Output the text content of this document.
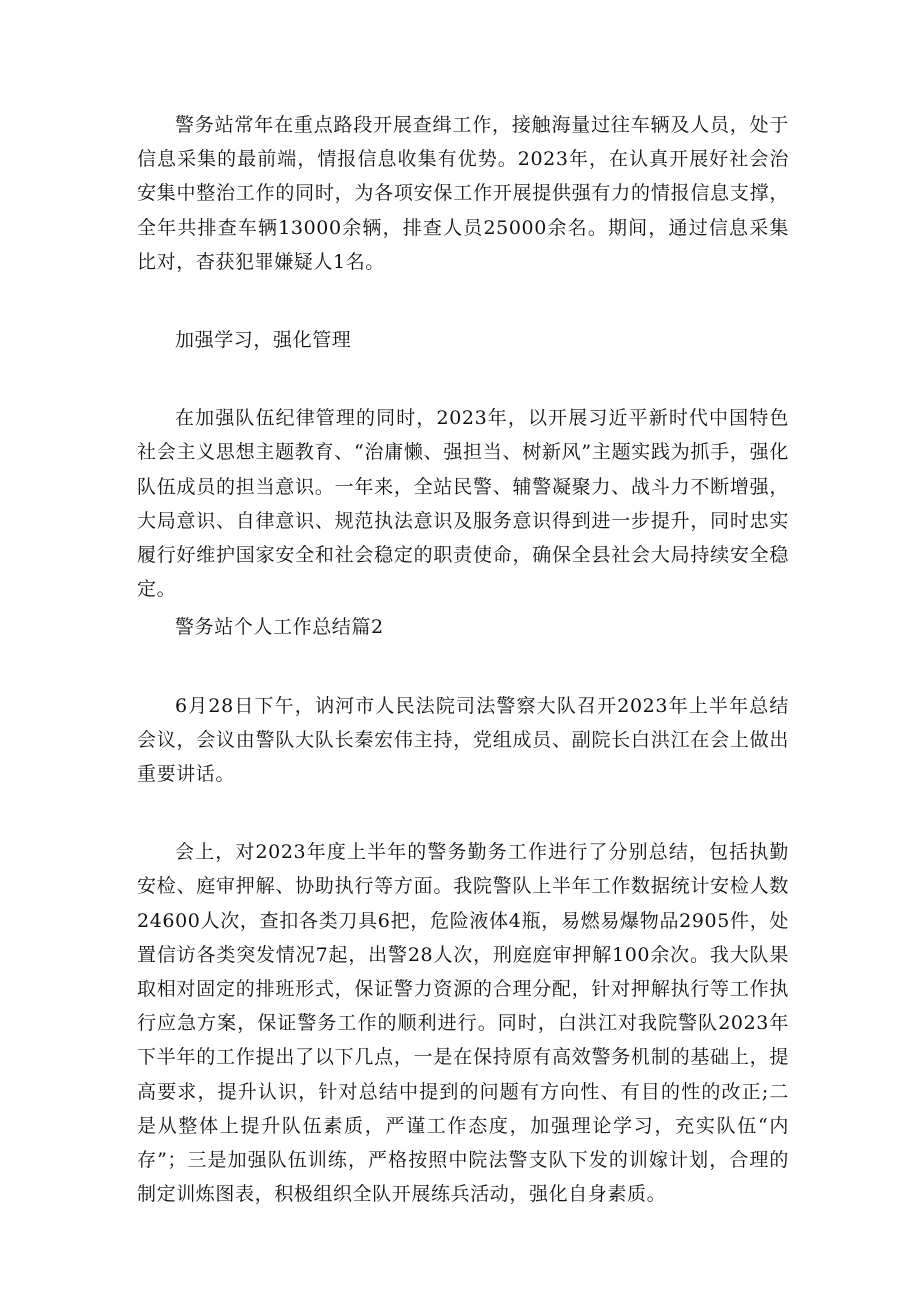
警务站常年在重点路段开展查缉工作，接触海量过往车辆及人员，处于信息采集的最前端，情报信息收集有优势。2023年，在认真开展好社会治安集中整治工作的同时，为各项安保工作开展提供强有力的情报信息支撑，全年共排查车辆13000余辆，排查人员25000余名。期间，通过信息采集比对，杳获犯罪嫌疑人1名。

加强学习，强化管理

在加强队伍纪律管理的同时，2023年，以开展习近平新时代中国特色社会主义思想主题教育、“治庸懒、强担当、树新风”主题实践为抓手，强化队伍成员的担当意识。一年来，全站民警、辅警凝聚力、战斗力不断增强，大局意识、自律意识、规范执法意识及服务意识得到进一步提升，同时忠实履行好维护国家安全和社会稳定的职责使命，确保全县社会大局持续安全稳定。

警务站个人工作总结篇2

6月28日下午，讷河市人民法院司法警察大队召开2023年上半年总结会议，会议由警队大队长秦宏伟主持，党组成员、副院长白洪江在会上做出重要讲话。

会上，对2023年度上半年的警务勤务工作进行了分别总结，包括执勤安检、庭审押解、协助执行等方面。我院警队上半年工作数据统计安检人数24600人次，查扣各类刀具6把，危险液体4瓶，易燃易爆物品2905件，处置信访各类突发情况7起，出警28人次，刑庭庭审押解100余次。我大队果取相对固定的排班形式，保证警力资源的合理分配，针对押解执行等工作执行应急方案，保证警务工作的顺利进行。同时，白洪江对我院警队2023年下半年的工作提出了以下几点，一是在保持原有高效警务机制的基础上，提高要求，提升认识，针对总结中提到的问题有方向性、有目的性的改正;二是从整体上提升队伍素质，严谨工作态度，加强理论学习，充实队伍“内存”；三是加强队伍训练，严格按照中院法警支队下发的训嫁计划，合理的制定训炼图表，积极组织全队开展练兵活动，强化自身素质。
